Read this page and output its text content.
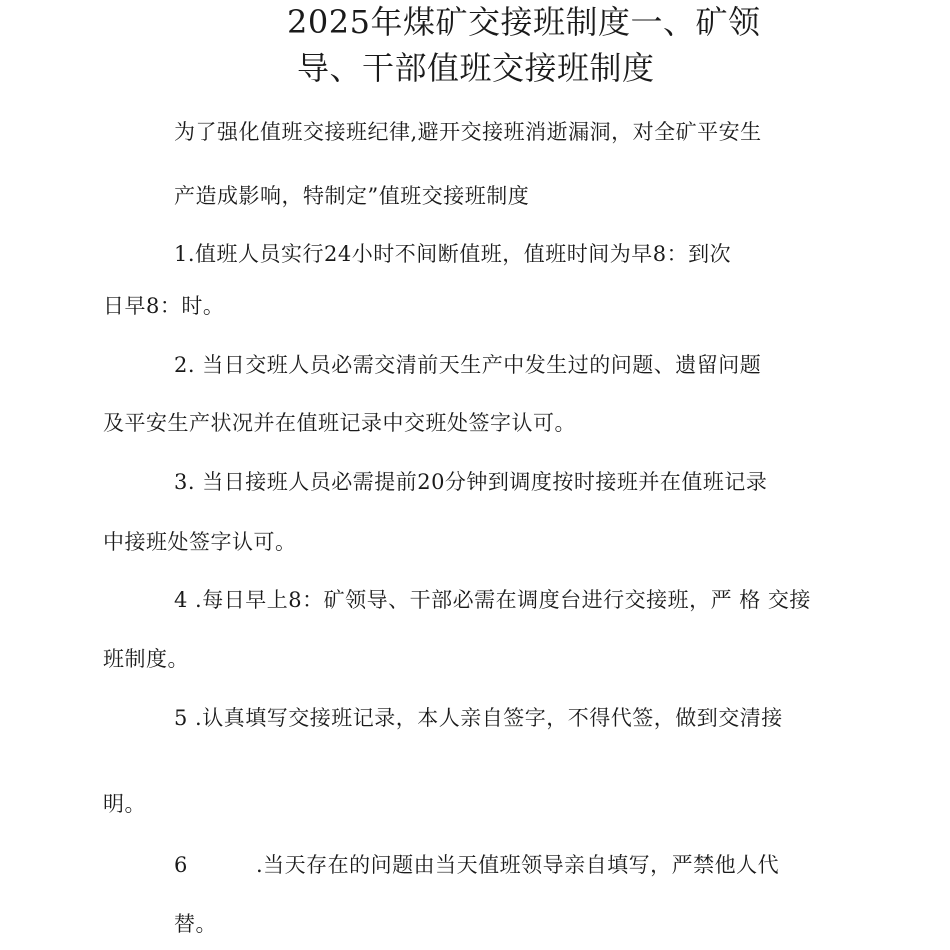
2025年煤矿交接班制度一、矿领
导、干部值班交接班制度
为了强化值班交接班纪律,避开交接班消逝漏洞，对全矿平安生
产造成影响，特制定”值班交接班制度
1.值班人员实行24小时不间断值班，值班时间为早8：到次
日早8：时。
2. 当日交班人员必需交清前天生产中发生过的问题、遗留问题
及平安生产状况并在值班记录中交班处签字认可。
3. 当日接班人员必需提前20分钟到调度按时接班并在值班记录
中接班处签字认可。
4 .每日早上8：矿领导、干部必需在调度台进行交接班，严 格 交接
班制度。
5 .认真填写交接班记录，本人亲自签字，不得代签，做到交清接
明。
6	.当天存在的问题由当天值班领导亲自填写，严禁他人代
替。
